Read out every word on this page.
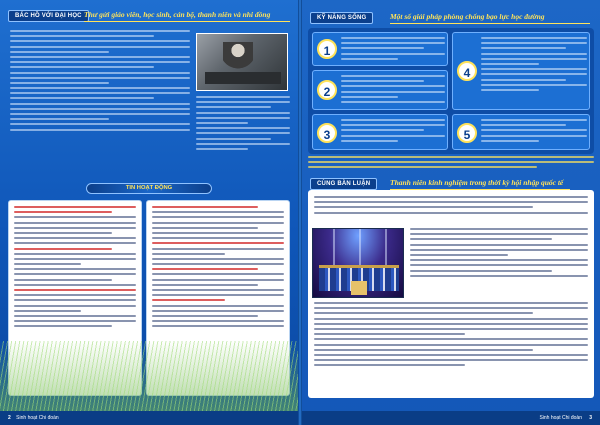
BÁC HỒ VỚI ĐẠI HỌC Thư gửi giáo viên, học sinh, cán bộ, thanh niên và nhi đồng
TIN HOẠT ĐỘNG
2 Sinh hoạt Chi đoàn
KỸ NĂNG SỐNG	Một số giải pháp phòng chống bạo lực học đường
1
2
3
4
5
CÙNG BÀN LUẬN	Thanh niên kinh nghiệm trong thời kỳ hội nhập quốc tế
Sinh hoạt Chi đoàn 3
